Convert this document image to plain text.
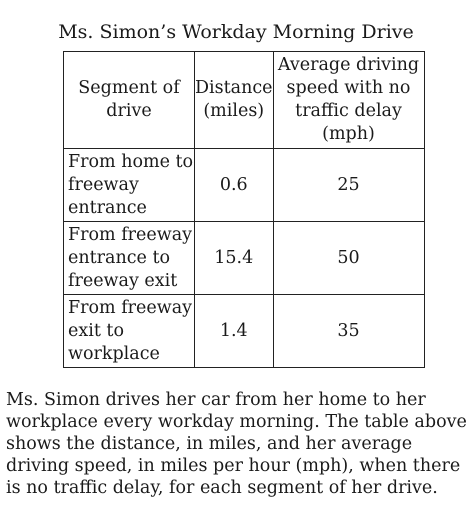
Ms. Simon’s Workday Morning Drive
Segment of drive	Distance (miles)	Average driving speed with no traffic delay (mph)
From home to freeway entrance	0.6	25
From freeway entrance to freeway exit	15.4	50
From freeway exit to workplace	1.4	35
Ms. Simon drives her car from her home to her workplace every workday morning. The table above shows the distance, in miles, and her average driving speed, in miles per hour (mph), when there is no traffic delay, for each segment of her drive.
